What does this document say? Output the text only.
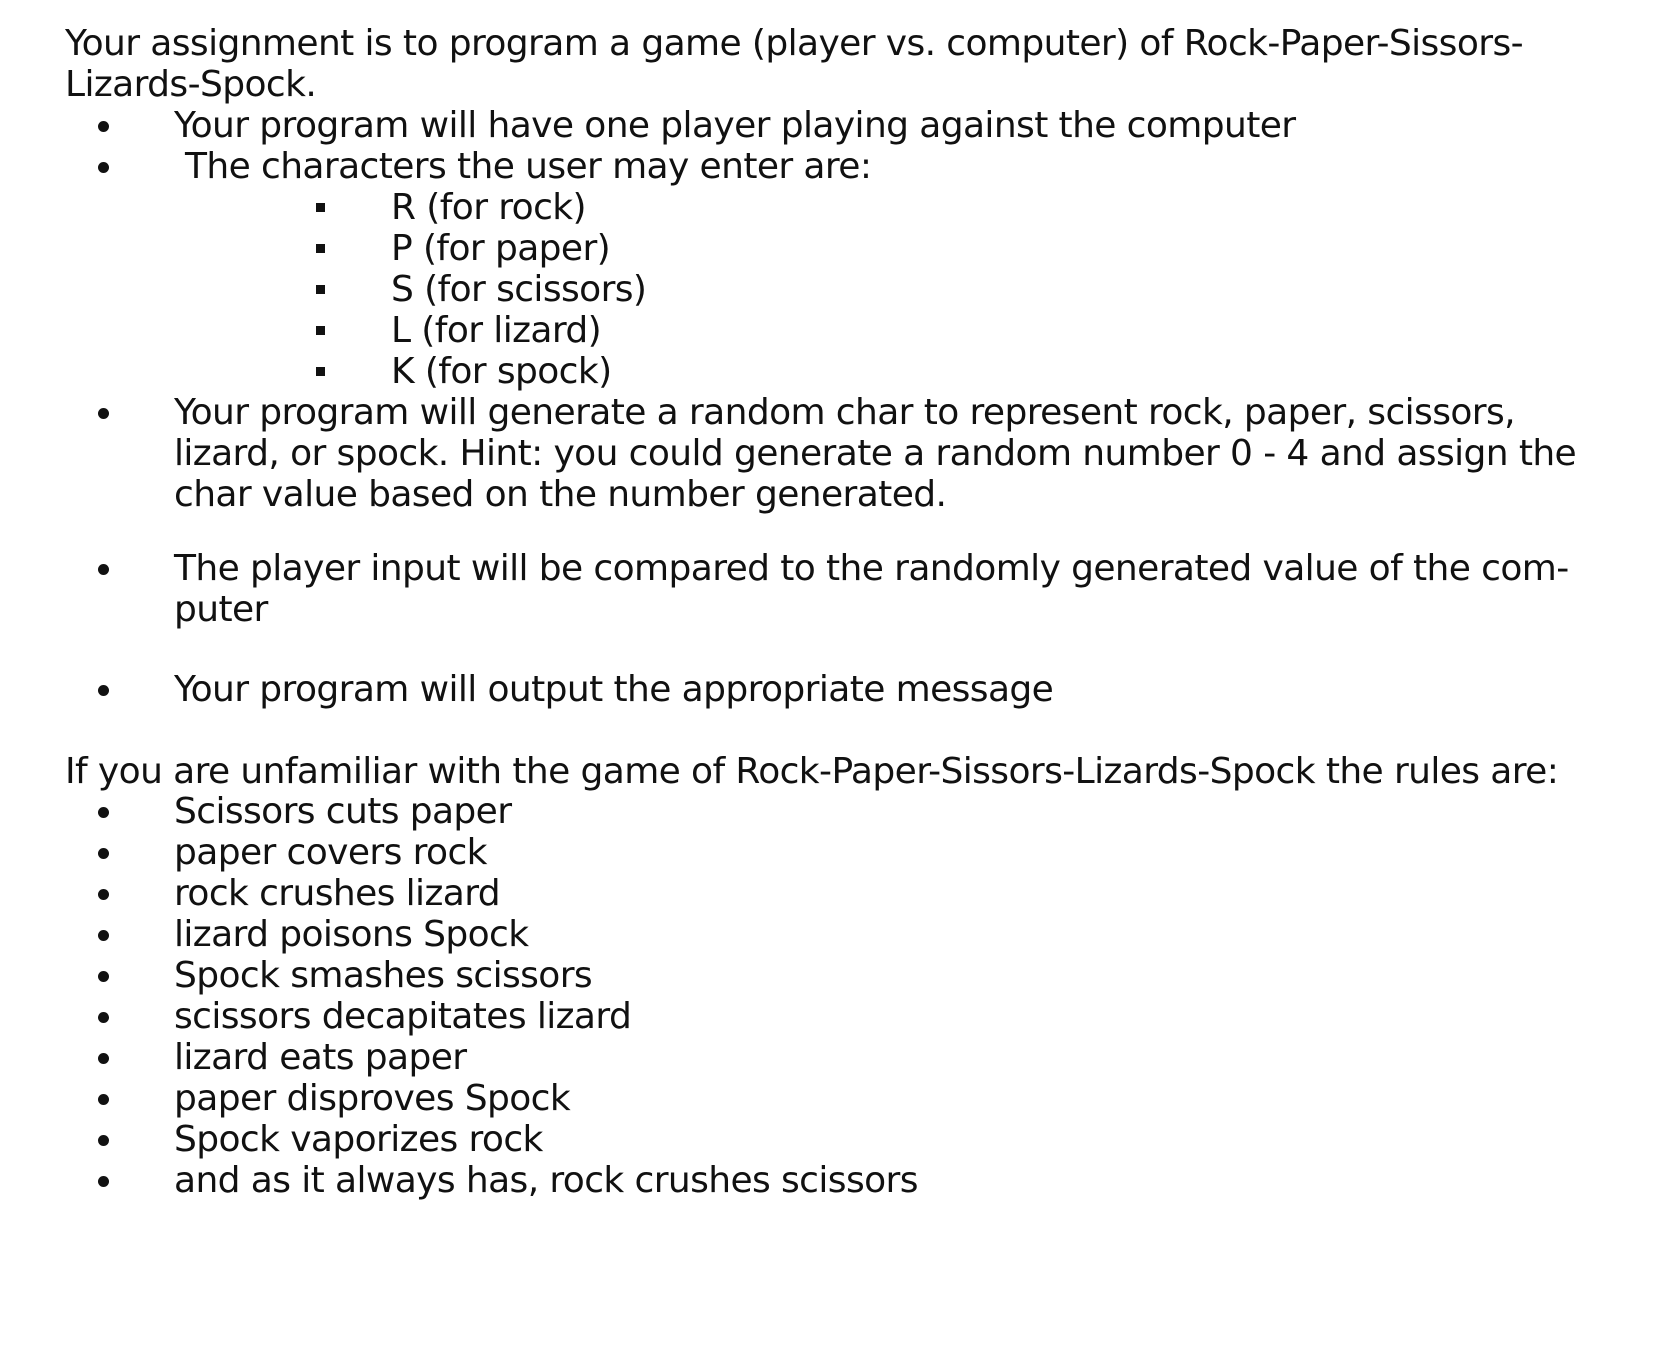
Your assignment is to program a game (player vs. computer) of Rock-Paper-Sissors-
Lizards-Spock.
Your program will have one player playing against the computer
The characters the user may enter are:
R (for rock)
P (for paper)
S (for scissors)
L (for lizard)
K (for spock)
Your program will generate a random char to represent rock, paper, scissors,
lizard, or spock. Hint: you could generate a random number 0 - 4 and assign the
char value based on the number generated.
The player input will be compared to the randomly generated value of the com-
puter
Your program will output the appropriate message
If you are unfamiliar with the game of Rock-Paper-Sissors-Lizards-Spock the rules are:
Scissors cuts paper
paper covers rock
rock crushes lizard
lizard poisons Spock
Spock smashes scissors
scissors decapitates lizard
lizard eats paper
paper disproves Spock
Spock vaporizes rock
and as it always has, rock crushes scissors
